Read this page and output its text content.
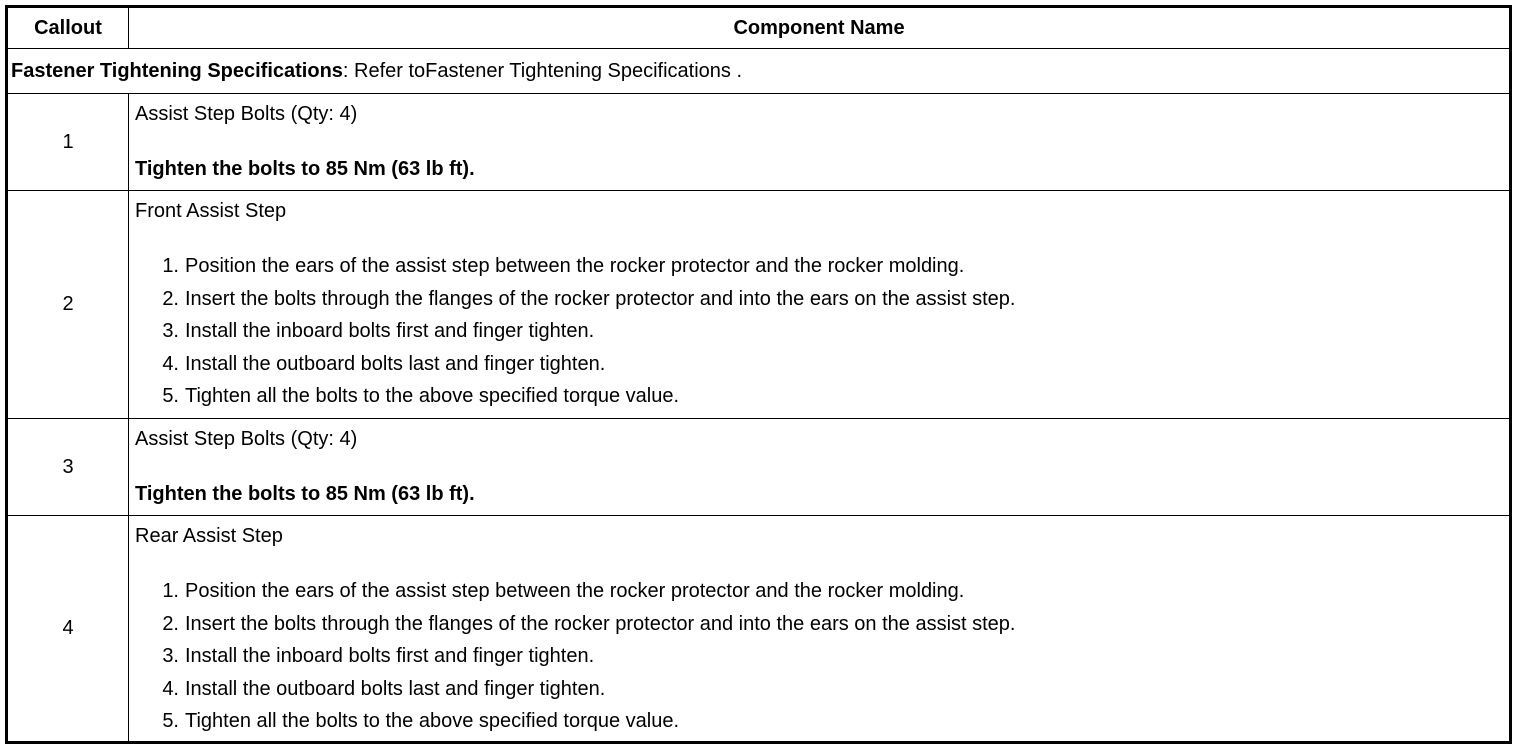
Callout	Component Name
Fastener Tightening Specifications : Refer toFastener Tightening Specifications .
1
Assist Step Bolts (Qty: 4)
Tighten the bolts to 85 Nm (63 lb ft).
2
Front Assist Step
1. Position the ears of the assist step between the rocker protector and the rocker molding.
2. Insert the bolts through the flanges of the rocker protector and into the ears on the assist step.
3. Install the inboard bolts first and finger tighten.
4. Install the outboard bolts last and finger tighten.
5. Tighten all the bolts to the above specified torque value.
3
Assist Step Bolts (Qty: 4)
Tighten the bolts to 85 Nm (63 lb ft).
4
Rear Assist Step
1. Position the ears of the assist step between the rocker protector and the rocker molding.
2. Insert the bolts through the flanges of the rocker protector and into the ears on the assist step.
3. Install the inboard bolts first and finger tighten.
4. Install the outboard bolts last and finger tighten.
5. Tighten all the bolts to the above specified torque value.
